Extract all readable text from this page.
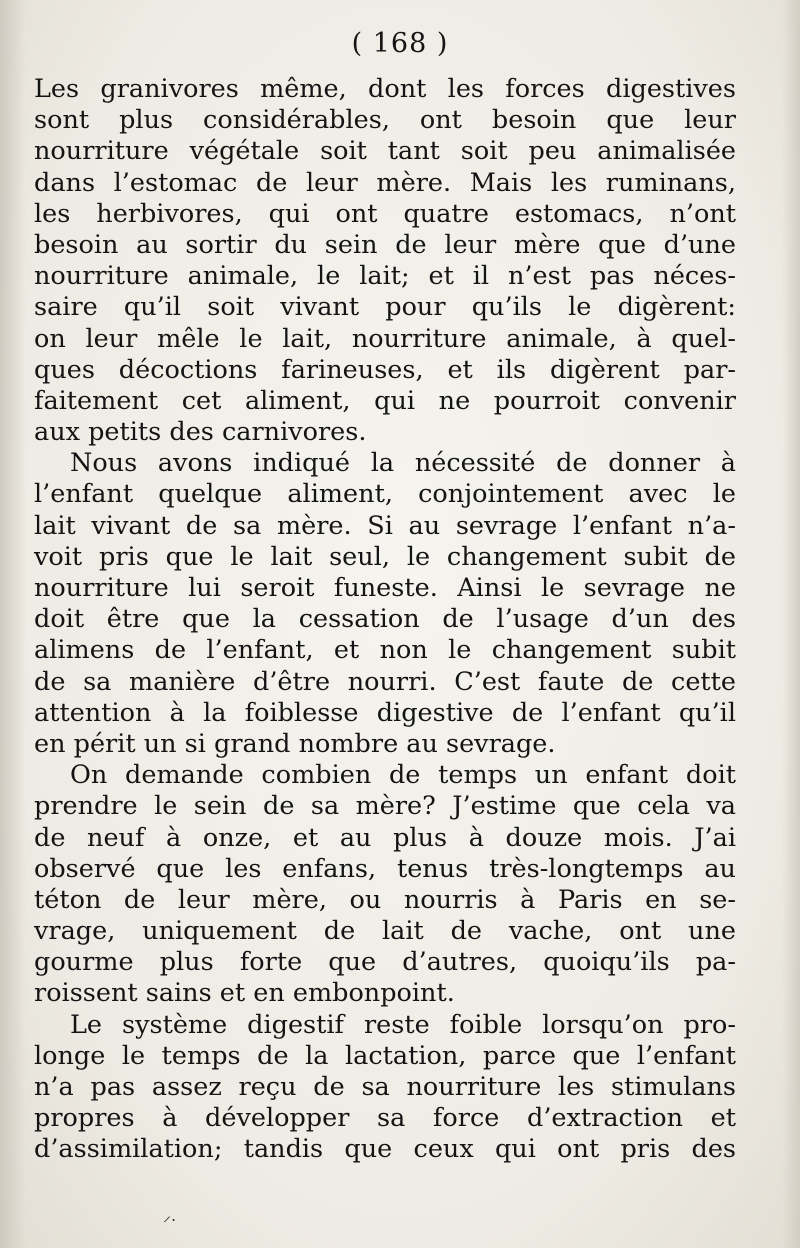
( 168 )
Les granivores même, dont les forces digestives
sont plus considérables, ont besoin que leur
nourriture végétale soit tant soit peu animalisée
dans l’estomac de leur mère. Mais les ruminans,
les herbivores, qui ont quatre estomacs, n’ont
besoin au sortir du sein de leur mère que d’une
nourriture animale, le lait; et il n’est pas néces-
saire qu’il soit vivant pour qu’ils le digèrent:
on leur mêle le lait, nourriture animale, à quel-
ques décoctions farineuses, et ils digèrent par-
faitement cet aliment, qui ne pourroit convenir
aux petits des carnivores.
Nous avons indiqué la nécessité de donner à
l’enfant quelque aliment, conjointement avec le
lait vivant de sa mère. Si au sevrage l’enfant n’a-
voit pris que le lait seul, le changement subit de
nourriture lui seroit funeste. Ainsi le sevrage ne
doit être que la cessation de l’usage d’un des
alimens de l’enfant, et non le changement subit
de sa manière d’être nourri. C’est faute de cette
attention à la foiblesse digestive de l’enfant qu’il
en périt un si grand nombre au sevrage.
On demande combien de temps un enfant doit
prendre le sein de sa mère? J’estime que cela va
de neuf à onze, et au plus à douze mois. J’ai
observé que les enfans, tenus très-longtemps au
téton de leur mère, ou nourris à Paris en se-
vrage, uniquement de lait de vache, ont une
gourme plus forte que d’autres, quoiqu’ils pa-
roissent sains et en embonpoint.
Le système digestif reste foible lorsqu’on pro-
longe le temps de la lactation, parce que l’enfant
n’a pas assez reçu de sa nourriture les stimulans
propres à développer sa force d’extraction et
d’assimilation; tandis que ceux qui ont pris des
⸝.
